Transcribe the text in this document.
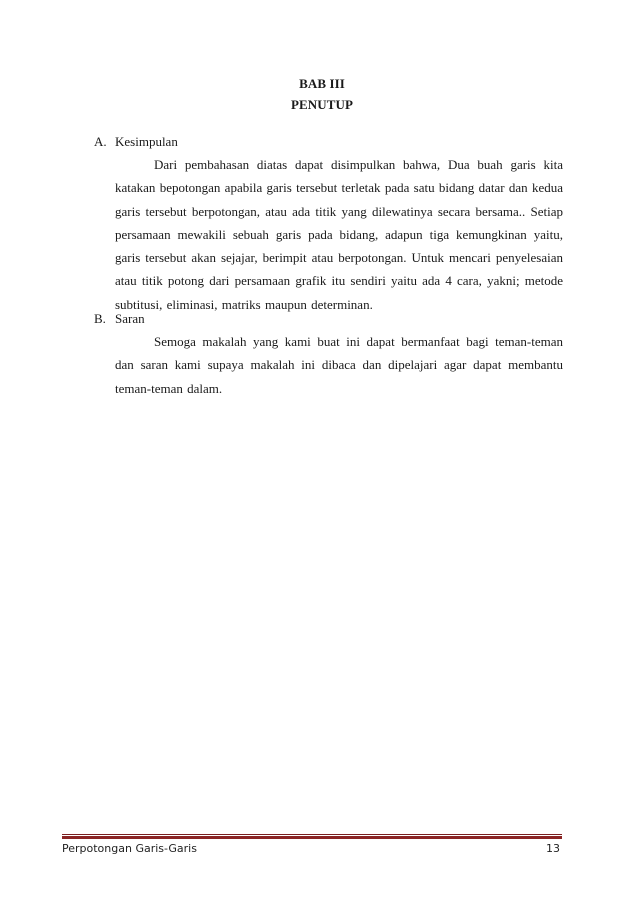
BAB III
PENUTUP
A. Kesimpulan
Dari pembahasan diatas dapat disimpulkan bahwa, Dua buah garis kita katakan bepotongan apabila garis tersebut terletak pada satu bidang datar dan kedua garis tersebut berpotongan, atau ada titik yang dilewatinya secara bersama.. Setiap persamaan mewakili sebuah garis pada bidang, adapun tiga kemungkinan yaitu, garis tersebut akan sejajar, berimpit atau berpotongan. Untuk mencari penyelesaian atau titik potong dari persamaan grafik itu sendiri yaitu ada 4 cara, yakni; metode subtitusi, eliminasi, matriks maupun determinan.
B. Saran
Semoga makalah yang kami buat ini dapat bermanfaat bagi teman-teman dan saran kami supaya makalah ini dibaca dan dipelajari agar dapat membantu teman-teman dalam.
Perpotongan Garis-Garis	13
